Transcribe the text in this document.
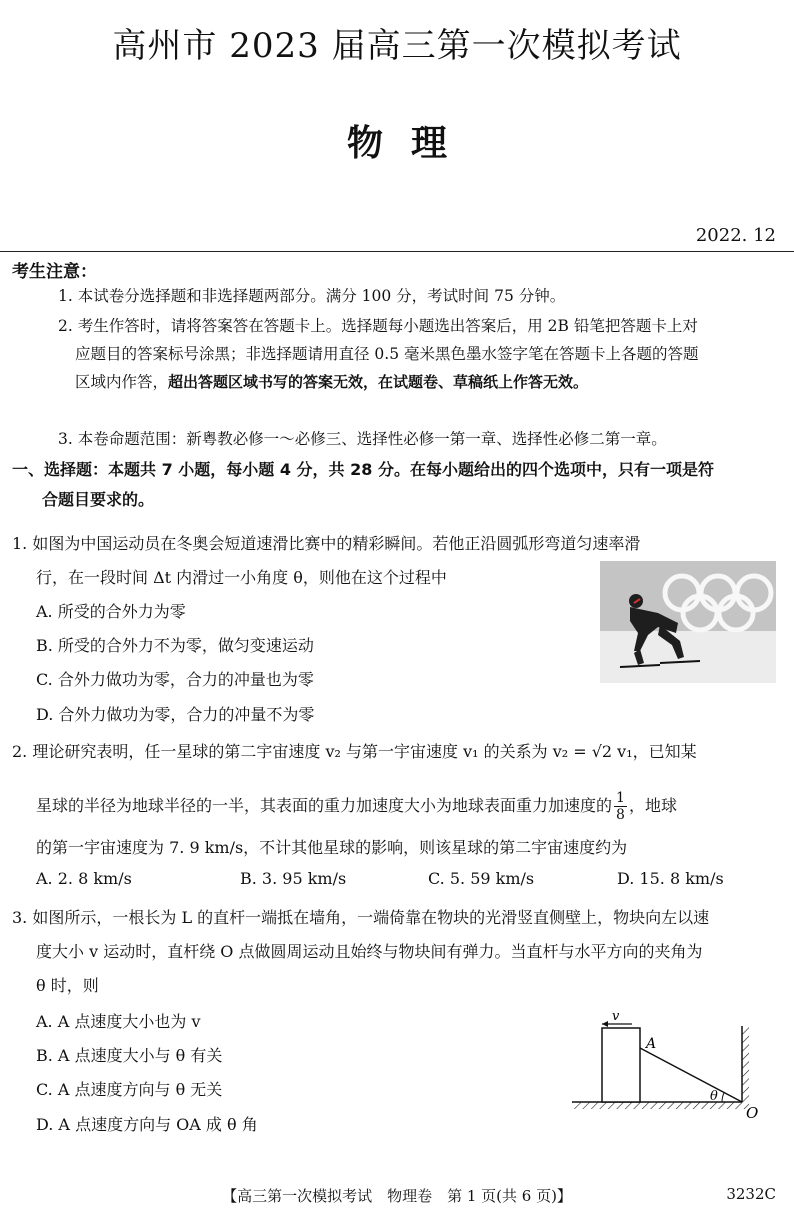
高州市 2023 届高三第一次模拟考试
物理
2022. 12
考生注意：
1. 本试卷分选择题和非选择题两部分。满分 100 分，考试时间 75 分钟。
2. 考生作答时，请将答案答在答题卡上。选择题每小题选出答案后，用 2B 铅笔把答题卡上对
应题目的答案标号涂黑；非选择题请用直径 0.5 毫米黑色墨水签字笔在答题卡上各题的答题
区域内作答，超出答题区域书写的答案无效，在试题卷、草稿纸上作答无效。
3. 本卷命题范围：新粤教必修一～必修三、选择性必修一第一章、选择性必修二第一章。
一、选择题：本题共 7 小题，每小题 4 分，共 28 分。在每小题给出的四个选项中，只有一项是符
合题目要求的。
1. 如图为中国运动员在冬奥会短道速滑比赛中的精彩瞬间。若他正沿圆弧形弯道匀速率滑
行，在一段时间 Δt 内滑过一小角度 θ，则他在这个过程中
A. 所受的合外力为零
B. 所受的合外力不为零，做匀变速运动
C. 合外力做功为零，合力的冲量也为零
D. 合外力做功为零，合力的冲量不为零
2. 理论研究表明，任一星球的第二宇宙速度 v₂ 与第一宇宙速度 v₁ 的关系为 v₂ = √2 v₁，已知某
星球的半径为地球半径的一半，其表面的重力加速度大小为地球表面重力加速度的 $\frac{1}{8}$ ，地球
的第一宇宙速度为 7. 9 km/s，不计其他星球的影响，则该星球的第二宇宙速度约为
A. 2. 8 km/s	B. 3. 95 km/s	C. 5. 59 km/s	D. 15. 8 km/s
3. 如图所示，一根长为 L 的直杆一端抵在墙角，一端倚靠在物块的光滑竖直侧壁上，物块向左以速
度大小 v 运动时，直杆绕 O 点做圆周运动且始终与物块间有弹力。当直杆与水平方向的夹角为
θ 时，则
A. A 点速度大小也为 v
B. A 点速度大小与 θ 有关
C. A 点速度方向与 θ 无关
D. A 点速度方向与 OA 成 θ 角
v
A
θ
O
【高三第一次模拟考试　物理卷　第 1 页(共 6 页)】	3232C
